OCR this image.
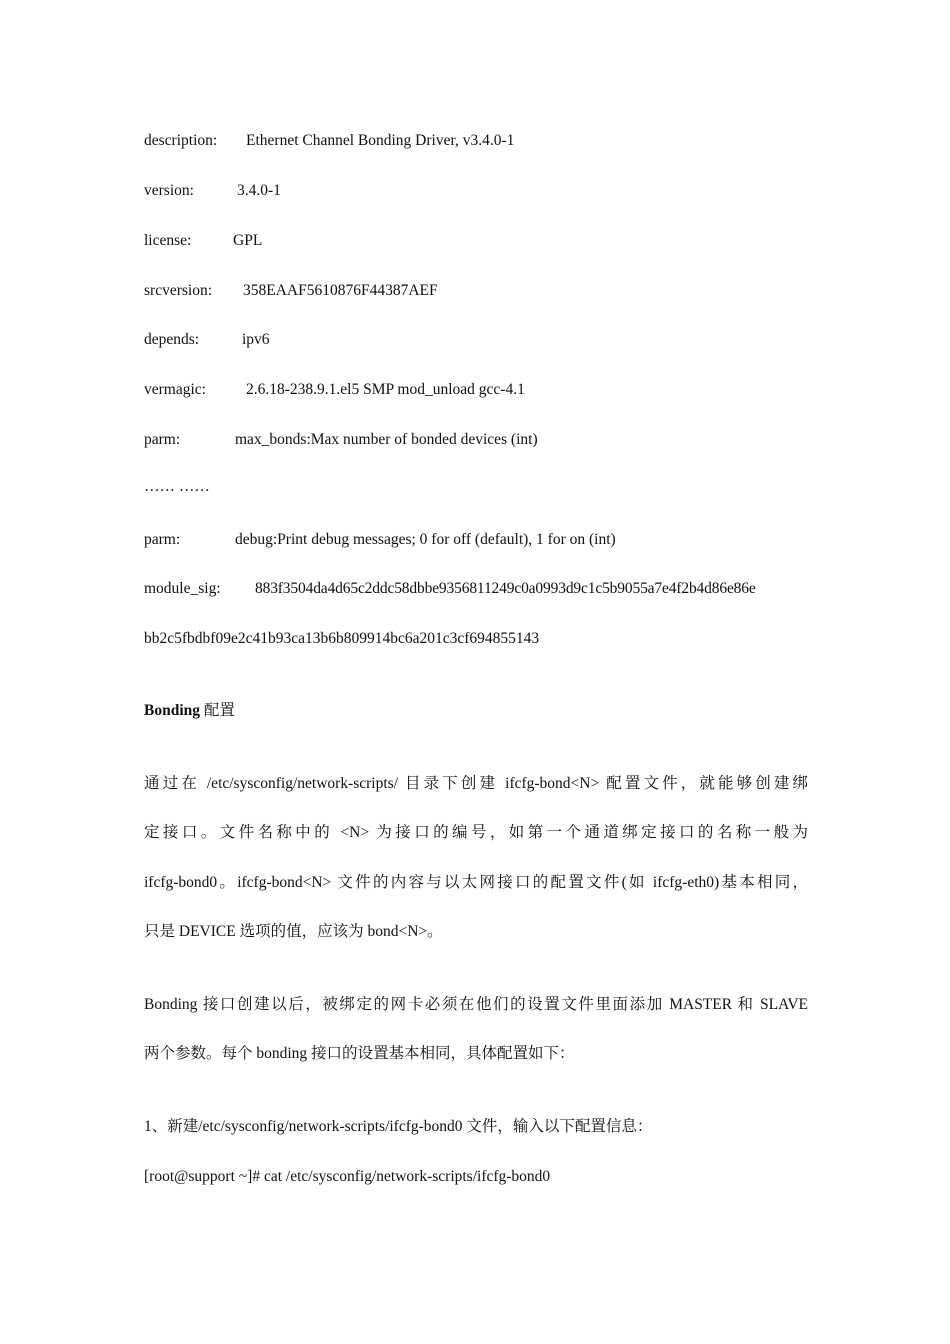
description: Ethernet Channel Bonding Driver, v3.4.0-1
version:	3.4.0-1
license:	GPL
srcversion: 358EAAF5610876F44387AEF
depends:	ipv6
vermagic:	2.6.18-238.9.1.el5 SMP mod_unload gcc-4.1
parm:	max_bonds:Max number of bonded devices (int)
…… ……
parm:	debug:Print debug messages; 0 for off (default), 1 for on (int)
module_sig: 883f3504da4d65c2ddc58dbbe9356811249c0a0993d9c1c5b9055a7e4f2b4d86e86e
bb2c5fbdbf09e2c41b93ca13b6b809914bc6a201c3cf694855143
Bonding 配置
通过在 /etc/sysconfig/network-scripts/ 目录下创建 ifcfg-bond<N> 配置文件，就能够创建绑
定接口。文件名称中的 <N> 为接口的编号，如第一个通道绑定接口的名称一般为
ifcfg-bond0。ifcfg-bond<N> 文件的内容与以太网接口的配置文件(如 ifcfg-eth0)基本相同，
只是 DEVICE 选项的值，应该为 bond<N>。
Bonding 接口创建以后，被绑定的网卡必须在他们的设置文件里面添加 MASTER 和 SLAVE
两个参数。每个 bonding 接口的设置基本相同，具体配置如下：
1、新建/etc/sysconfig/network-scripts/ifcfg-bond0 文件，输入以下配置信息：
[root@support ~]# cat /etc/sysconfig/network-scripts/ifcfg-bond0
